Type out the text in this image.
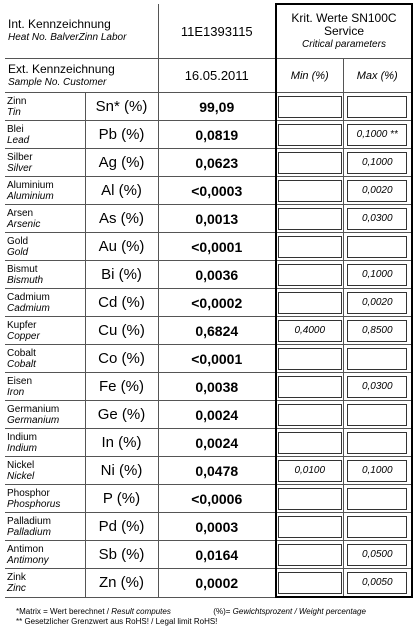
Int. Kennzeichnung
Heat No. BalverZinn Labor		11E1393115	Krit. Werte SN100C
Service
Critical parameters	

Ext. Kennzeichnung
Sample No. Customer		16.05.2011	Min (%)	Max (%)

Zinn
Tin	Sn* (%)	99,09	

Blei
Lead	Pb (%)	0,0819		0,1000 **

Silber
Silver	Ag (%)	0,0623		0,1000

Aluminium
Aluminium	Al (%)	<0,0003		0,0020

Arsen
Arsenic	As (%)	0,0013		0,0300

Gold
Gold	Au (%)	<0,0001	

Bismut
Bismuth	Bi (%)	0,0036		0,1000

Cadmium
Cadmium	Cd (%)	<0,0002		0,0020

Kupfer
Copper	Cu (%)	0,6824	0,4000	0,8500

Cobalt
Cobalt	Co (%)	<0,0001	

Eisen
Iron	Fe (%)	0,0038		0,0300

Germanium
Germanium	Ge (%)	0,0024	

Indium
Indium	In (%)	0,0024	

Nickel
Nickel	Ni (%)	0,0478	0,0100	0,1000

Phosphor
Phosphorus	P (%)	<0,0006	

Palladium
Palladium	Pd (%)	0,0003	

Antimon
Antimony	Sb (%)	0,0164		0,0500

Zink
Zinc	Zn (%)	0,0002		0,0050
*Matrix = Wert berechnet / Result computes	(%)= Gewichtsprozent / Weight percentage
** Gesetzlicher Grenzwert aus RoHS! / Legal limit RoHS!
